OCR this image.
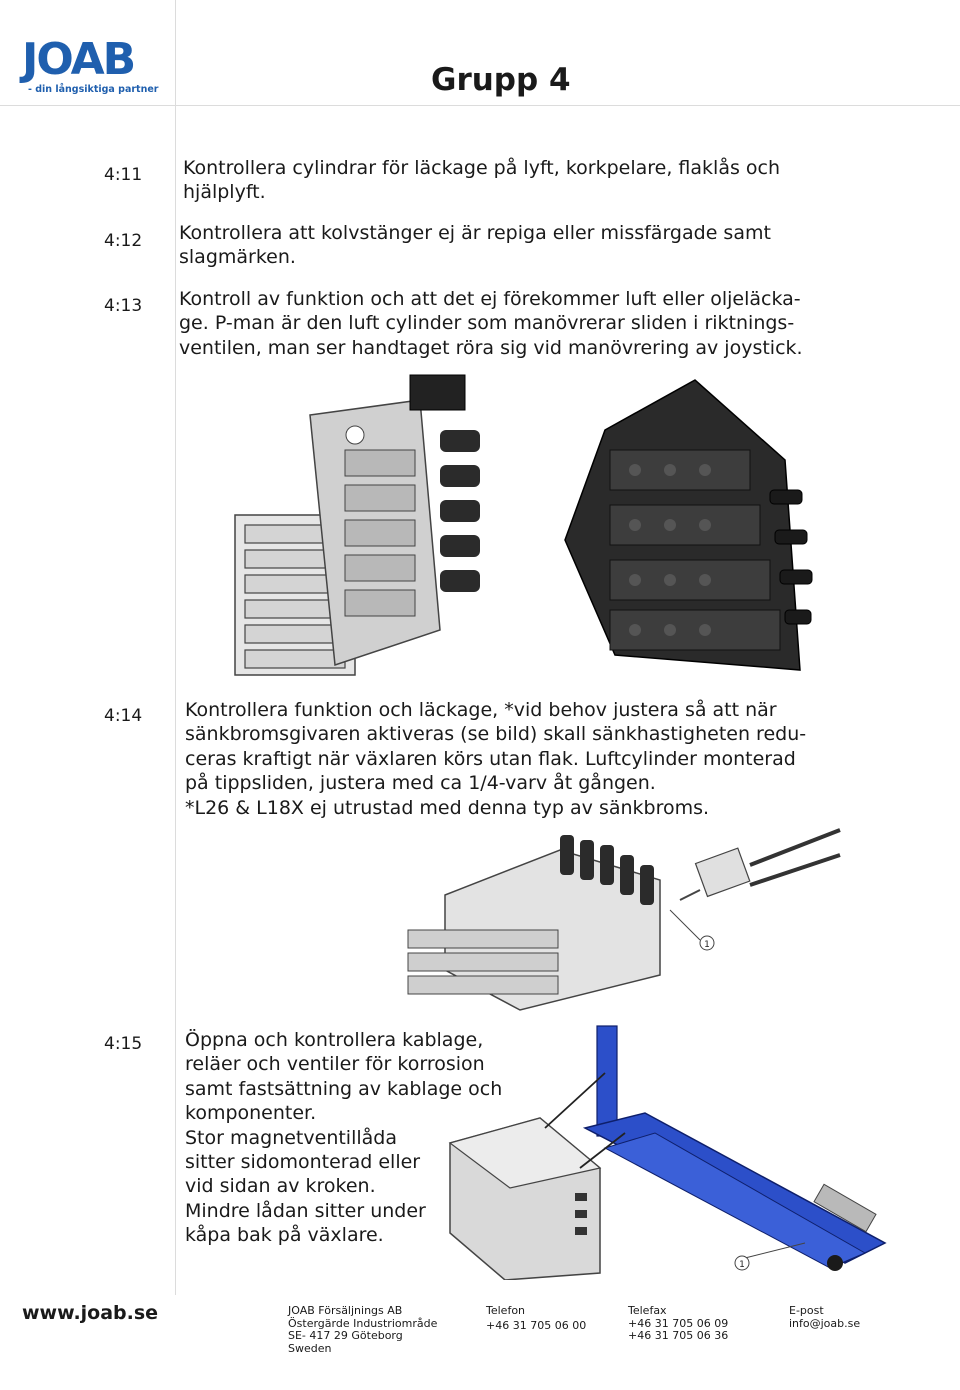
JOAB
- din långsiktiga partner	Grupp 4
4:11 Kontrollera cylindrar för läckage på lyft, korkpelare, flaklås och
hjälplyft.
4:12 Kontrollera att kolvstänger ej är repiga eller missfärgade samt
slagmärken.
4:13 Kontroll av funktion och att det ej förekommer luft eller oljeläcka-
ge. P-man är den luft cylinder som manövrerar sliden i riktnings-
ventilen, man ser handtaget röra sig vid manövrering av joystick.
4:14 Kontrollera funktion och läckage, *vid behov justera så att när
sänkbromsgivaren aktiveras (se bild) skall sänkhastigheten redu-
ceras kraftigt när växlaren körs utan flak. Luftcylinder monterad
på tippsliden, justera med ca 1/4-varv åt gången.
*L26 & L18X ej utrustad med denna typ av sänkbroms.
1
4:15 Öppna och kontrollera kablage,
reläer och ventiler för korrosion
samt fastsättning av kablage och
komponenter.
Stor magnetventillåda
sitter sidomonterad eller
vid sidan av kroken.
Mindre lådan sitter under
kåpa bak på växlare.
1
www.joab.se	JOAB Försäljnings AB
Östergärde Industriområde
SE- 417 29 Göteborg
Sweden
Telefon
+46 31 705 06 00
Telefax
+46 31 705 06 09
+46 31 705 06 36
E-post
info@joab.se
